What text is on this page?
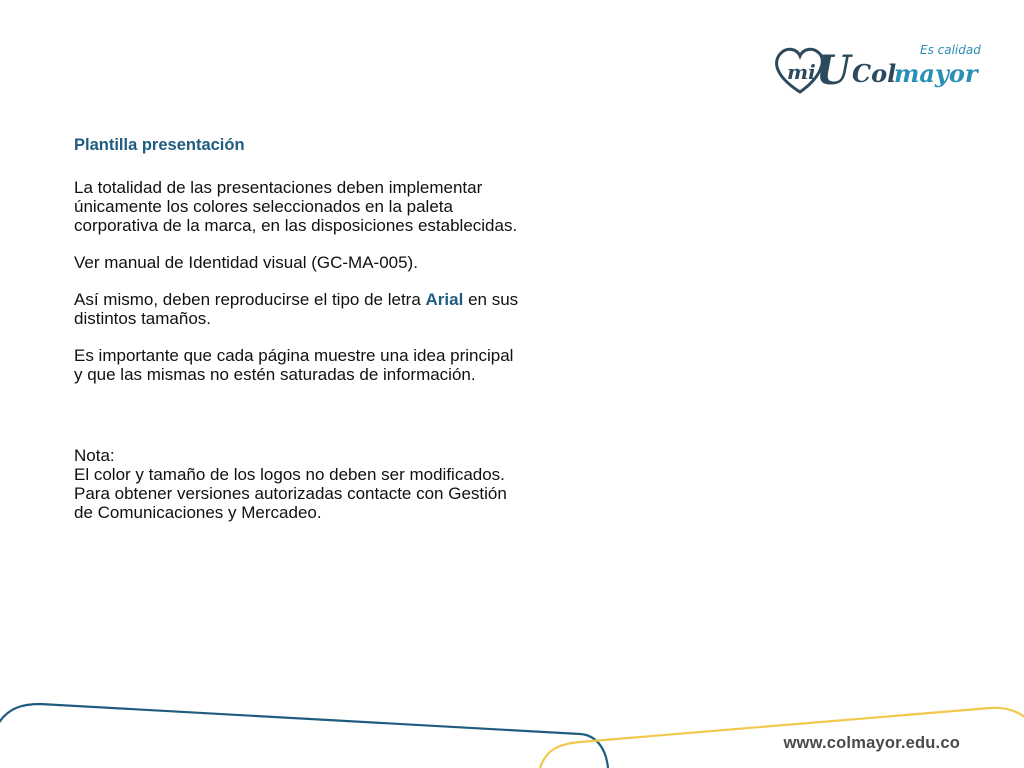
mi U Col
mayor
Es calidad
Plantilla presentación

La totalidad de las presentaciones deben implementar únicamente los colores seleccionados en la paleta corporativa de la marca, en las disposiciones establecidas.

Ver manual de Identidad visual (GC-MA-005).

Así mismo, deben reproducirse el tipo de letra Arial en sus distintos tamaños.

Es importante que cada página muestre una idea principal y que las mismas no estén saturadas de información.

Nota:

El color y tamaño de los logos no deben ser modificados. Para obtener versiones autorizadas contacte con Gestión de Comunicaciones y Mercadeo.

www.colmayor.edu.co
